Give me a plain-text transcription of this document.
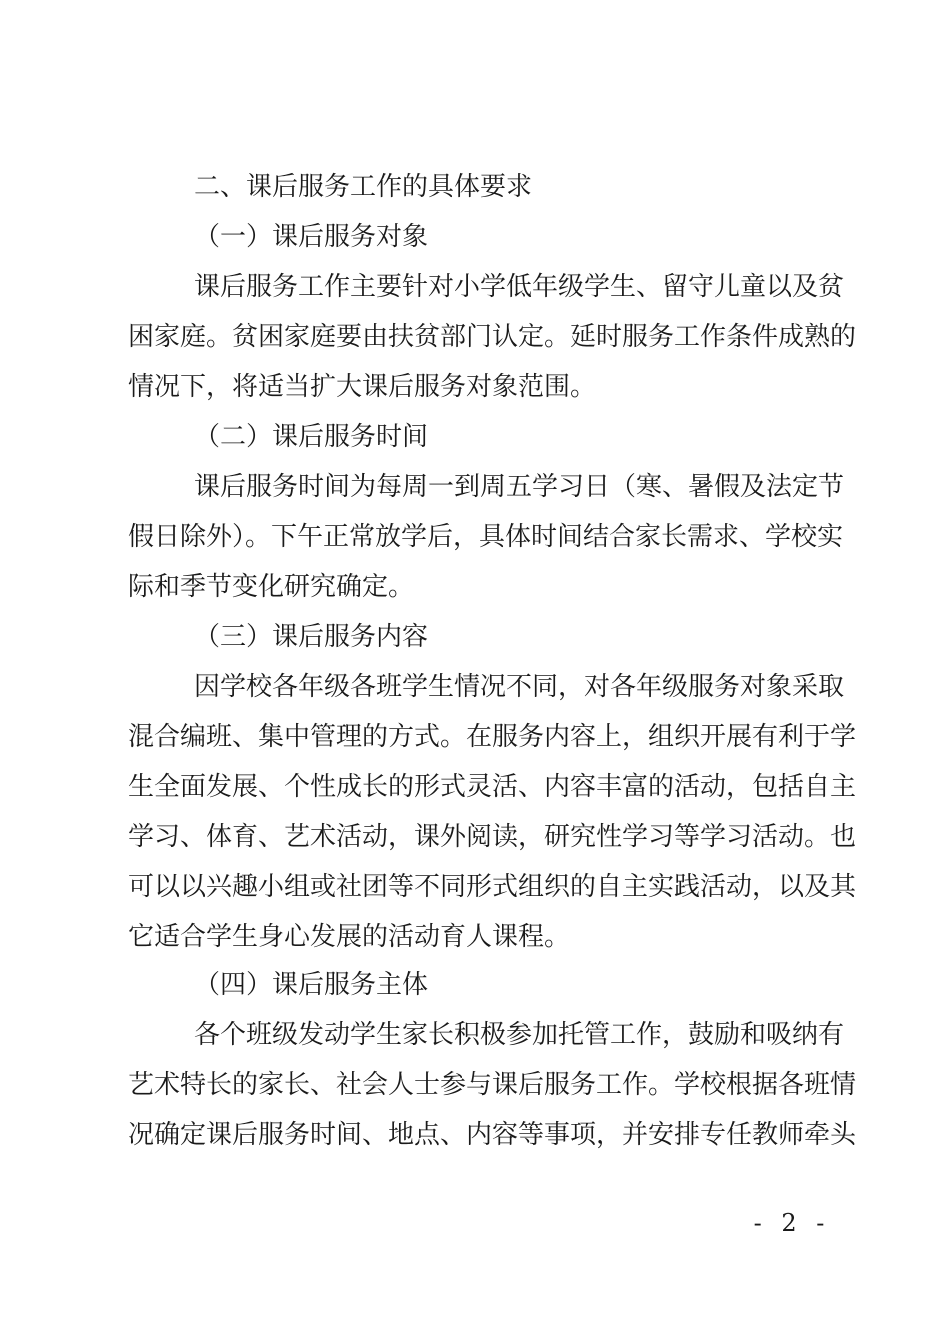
二、课后服务工作的具体要求
（一）课后服务对象
课后服务工作主要针对小学低年级学生、留守儿童以及贫
困家庭。贫困家庭要由扶贫部门认定。延时服务工作条件成熟的
情况下，将适当扩大课后服务对象范围。
（二）课后服务时间
课后服务时间为每周一到周五学习日（寒、暑假及法定节
假日除外）。下午正常放学后，具体时间结合家长需求、学校实
际和季节变化研究确定。
（三）课后服务内容
因学校各年级各班学生情况不同，对各年级服务对象采取
混合编班、集中管理的方式。在服务内容上，组织开展有利于学
生全面发展、个性成长的形式灵活、内容丰富的活动，包括自主
学习、体育、艺术活动，课外阅读，研究性学习等学习活动。也
可以以兴趣小组或社团等不同形式组织的自主实践活动，以及其
它适合学生身心发展的活动育人课程。
（四）课后服务主体
各个班级发动学生家长积极参加托管工作，鼓励和吸纳有
艺术特长的家长、社会人士参与课后服务工作。学校根据各班情
况确定课后服务时间、地点、内容等事项，并安排专任教师牵头
- 2 -
